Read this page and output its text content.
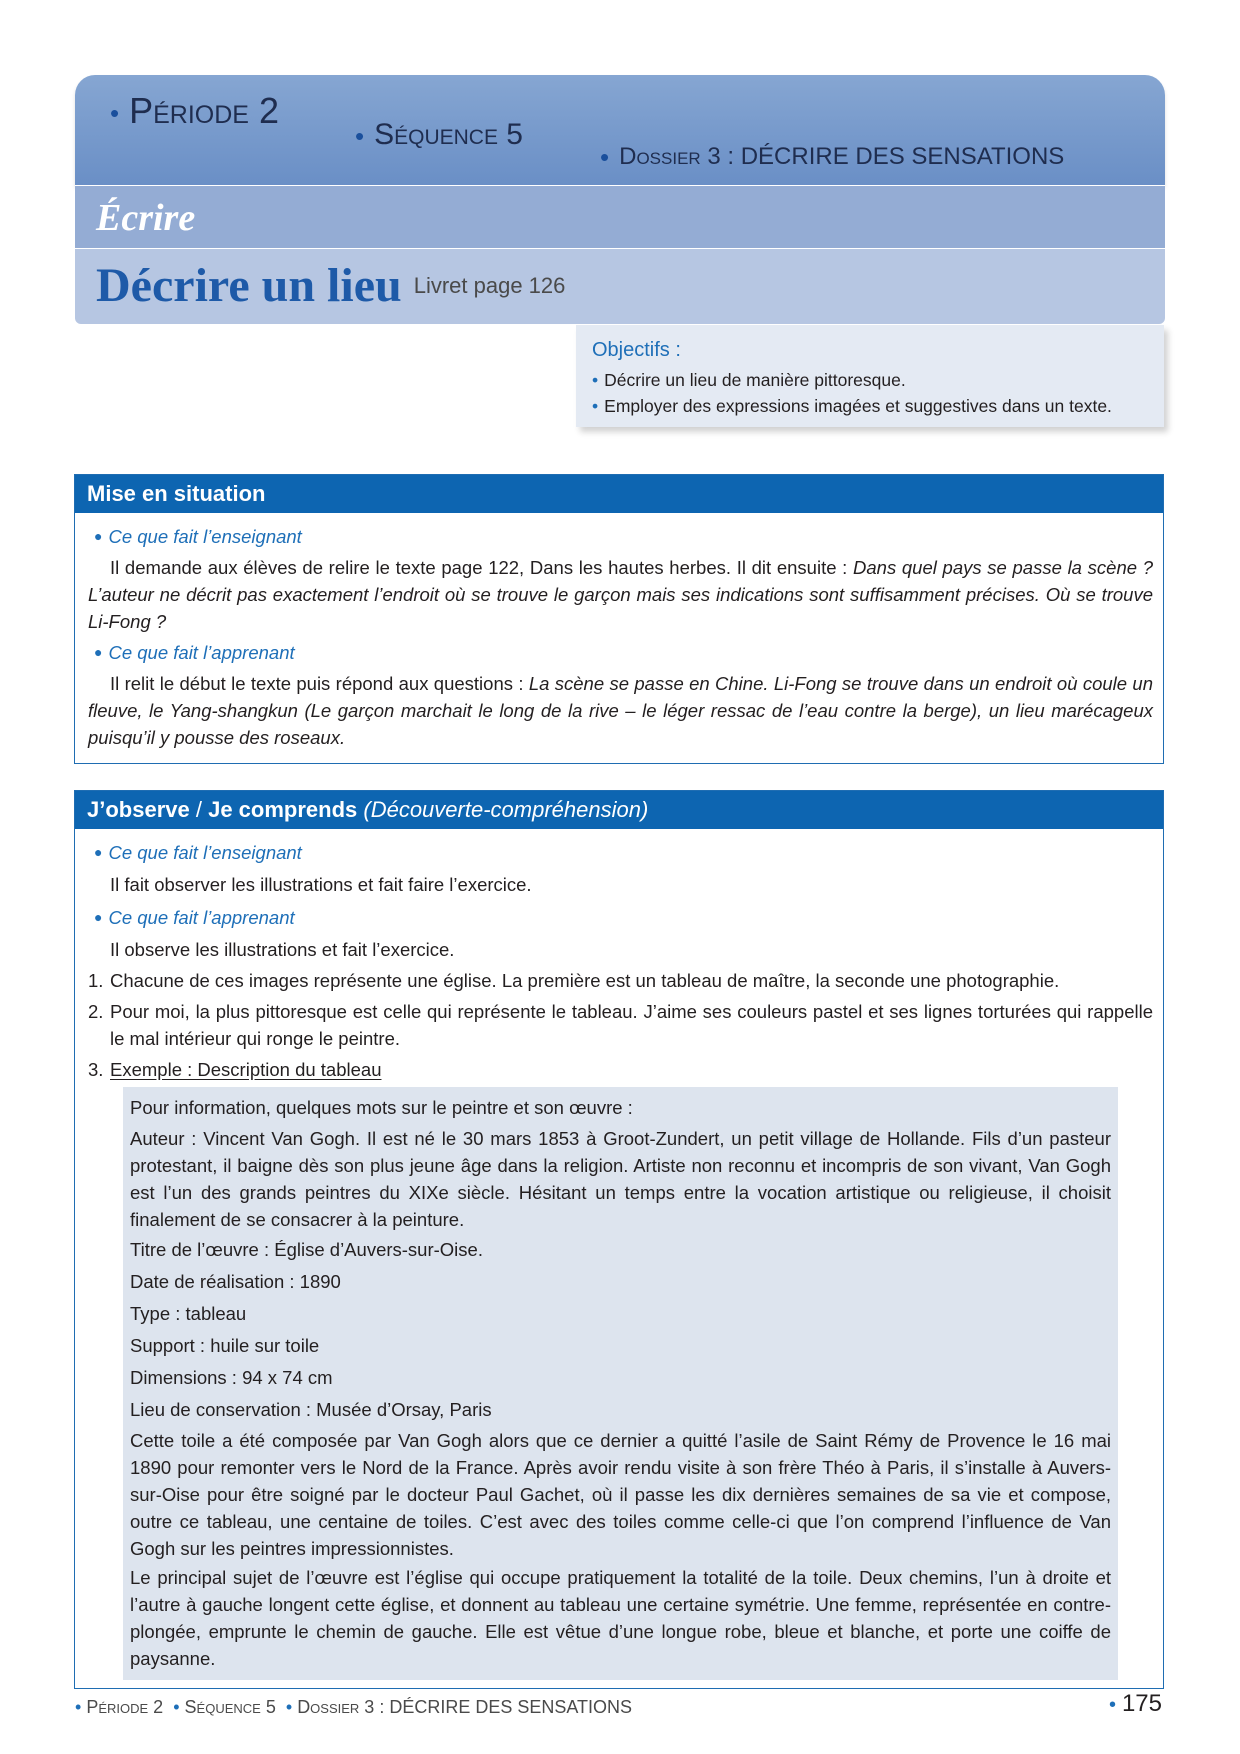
• Période 2
• Séquence 5
• Dossier 3 : DÉCRIRE DES SENSATIONS
Écrire
Décrire un lieu Livret page 126
Objectifs :
• Décrire un lieu de manière pittoresque.
• Employer des expressions imagées et suggestives dans un texte.
Mise en situation
● Ce que fait l’enseignant

Il demande aux élèves de relire le texte page 122, Dans les hautes herbes. Il dit ensuite : Dans quel pays se passe la scène ? L’auteur ne décrit pas exactement l’endroit où se trouve le garçon mais ses indications sont suffisamment précises. Où se trouve Li-Fong ?

● Ce que fait l’apprenant

Il relit le début le texte puis répond aux questions : La scène se passe en Chine. Li-Fong se trouve dans un endroit où coule un fleuve, le Yang-shangkun (Le garçon marchait le long de la rive – le léger ressac de l’eau contre la berge), un lieu marécageux puisqu’il y pousse des roseaux.

J’observe / Je comprends (Découverte-compréhension)
● Ce que fait l’enseignant
Il fait observer les illustrations et fait faire l’exercice.
● Ce que fait l’apprenant
Il observe les illustrations et fait l’exercice.
1. Chacune de ces images représente une église. La première est un tableau de maître, la seconde une photographie.
2. Pour moi, la plus pittoresque est celle qui représente le tableau. J’aime ses couleurs pastel et ses lignes torturées qui rappelle le mal intérieur qui ronge le peintre.
3. Exemple : Description du tableau

Pour information, quelques mots sur le peintre et son œuvre :

Auteur : Vincent Van Gogh. Il est né le 30 mars 1853 à Groot-Zundert, un petit village de Hollande. Fils d’un pasteur protestant, il baigne dès son plus jeune âge dans la religion. Artiste non reconnu et incompris de son vivant, Van Gogh est l’un des grands peintres du XIXe siècle. Hésitant un temps entre la vocation artistique ou religieuse, il choisit finalement de se consacrer à la peinture.

Titre de l’œuvre : Église d’Auvers-sur-Oise.

Date de réalisation : 1890

Type : tableau

Support : huile sur toile

Dimensions : 94 x 74 cm

Lieu de conservation : Musée d’Orsay, Paris

Cette toile a été composée par Van Gogh alors que ce dernier a quitté l’asile de Saint Rémy de Provence le 16 mai 1890 pour remonter vers le Nord de la France. Après avoir rendu visite à son frère Théo à Paris, il s’installe à Auvers-sur-Oise pour être soigné par le docteur Paul Gachet, où il passe les dix dernières semaines de sa vie et compose, outre ce tableau, une centaine de toiles. C’est avec des toiles comme celle-ci que l’on comprend l’influence de Van Gogh sur les peintres impressionnistes.

Le principal sujet de l’œuvre est l’église qui occupe pratiquement la totalité de la toile. Deux chemins, l’un à droite et l’autre à gauche longent cette église, et donnent au tableau une certaine symétrie. Une femme, représentée en contre-plongée, emprunte le chemin de gauche. Elle est vêtue d’une longue robe, bleue et blanche, et porte une coiffe de paysanne.

• Période 2 • Séquence 5 • Dossier 3 : DÉCRIRE DES SENSATIONS	• 175
